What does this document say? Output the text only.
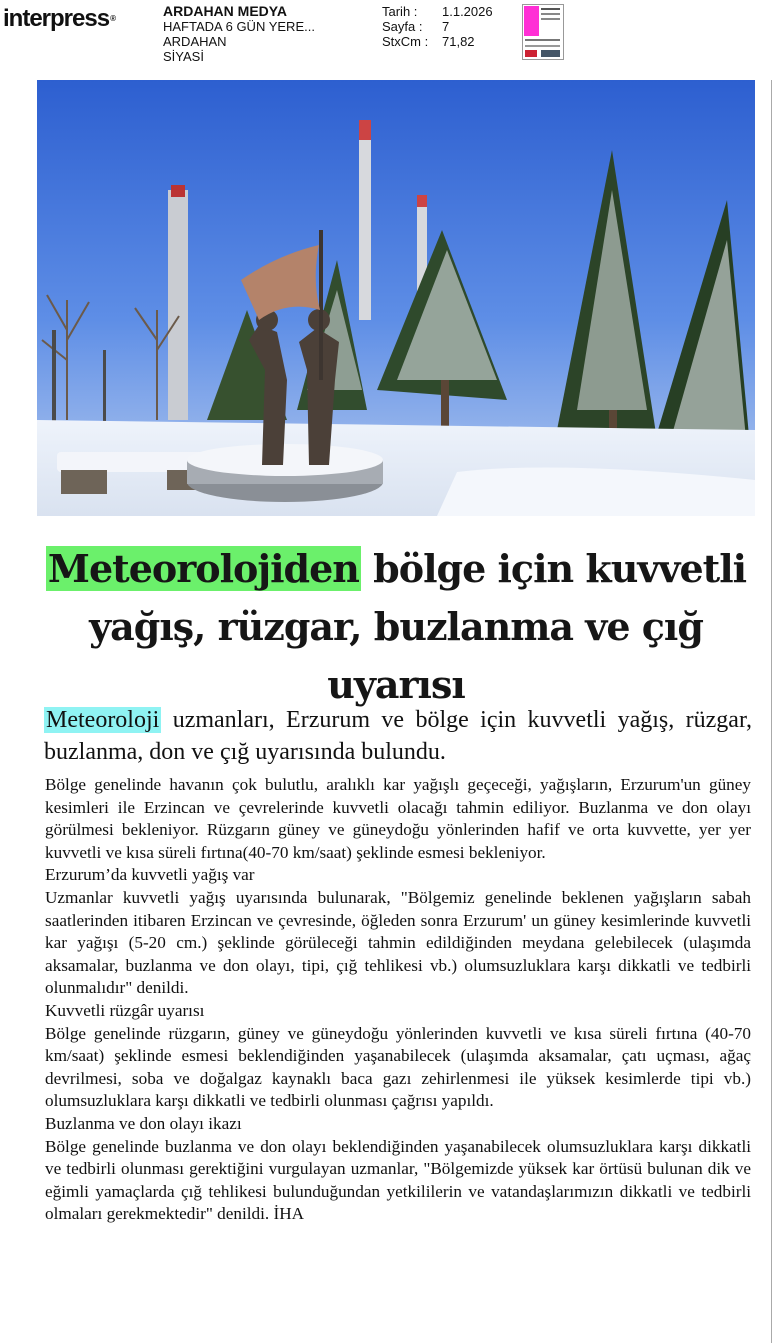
interpress®	ARDAHAN MEDYA
HAFTADA 6 GÜN YERE...
ARDAHAN
SİYASİ
Tarih : 1.1.2026
Sayfa : 7
StxCm : 71,82
Meteorolojiden bölge için kuvvetli yağış, rüzgar, buzlanma ve çığ uyarısı
Meteoroloji uzmanları, Erzurum ve bölge için kuvvetli yağış, rüzgar, buzlanma, don ve çığ uyarısında bulundu.

Bölge genelinde havanın çok bulutlu, aralıklı kar yağışlı geçeceği, yağışların, Erzurum'un güney kesimleri ile Erzincan ve çevrelerinde kuvvetli olacağı tahmin ediliyor. Buzlanma ve don olayı görülmesi bekleniyor. Rüzgarın güney ve güneydoğu yönlerinden hafif ve orta kuvvette, yer yer kuvvetli ve kısa süreli fırtına(40-70 km/saat) şeklinde esmesi bekleniyor.

Erzurum’da kuvvetli yağış var

Uzmanlar kuvvetli yağış uyarısında bulunarak, "Bölgemiz genelinde beklenen yağışların sabah saatlerinden itibaren Erzincan ve çevresinde, öğleden sonra Erzurum' un güney kesimlerinde kuvvetli kar yağışı (5-20 cm.) şeklinde görüleceği tahmin edildiğinden meydana gelebilecek (ulaşımda aksamalar, buzlanma ve don olayı, tipi, çığ tehlikesi vb.) olumsuzluklara karşı dikkatli ve tedbirli olunmalıdır" denildi.

Kuvvetli rüzgâr uyarısı

Bölge genelinde rüzgarın, güney ve güneydoğu yönlerinden kuvvetli ve kısa süreli fırtına (40-70 km/saat) şeklinde esmesi beklendiğinden yaşanabilecek (ulaşımda aksamalar, çatı uçması, ağaç devrilmesi, soba ve doğalgaz kaynaklı baca gazı zehirlenmesi ile yüksek kesimlerde tipi vb.) olumsuzluklara karşı dikkatli ve tedbirli olunması çağrısı yapıldı.

Buzlanma ve don olayı ikazı

Bölge genelinde buzlanma ve don olayı beklendiğinden yaşanabilecek olumsuzluklara karşı dikkatli ve tedbirli olunması gerektiğini vurgulayan uzmanlar, "Bölgemizde yüksek kar örtüsü bulunan dik ve eğimli yamaçlarda çığ tehlikesi bulunduğundan yetkililerin ve vatandaşlarımızın dikkatli ve tedbirli olmaları gerekmektedir" denildi. İHA
